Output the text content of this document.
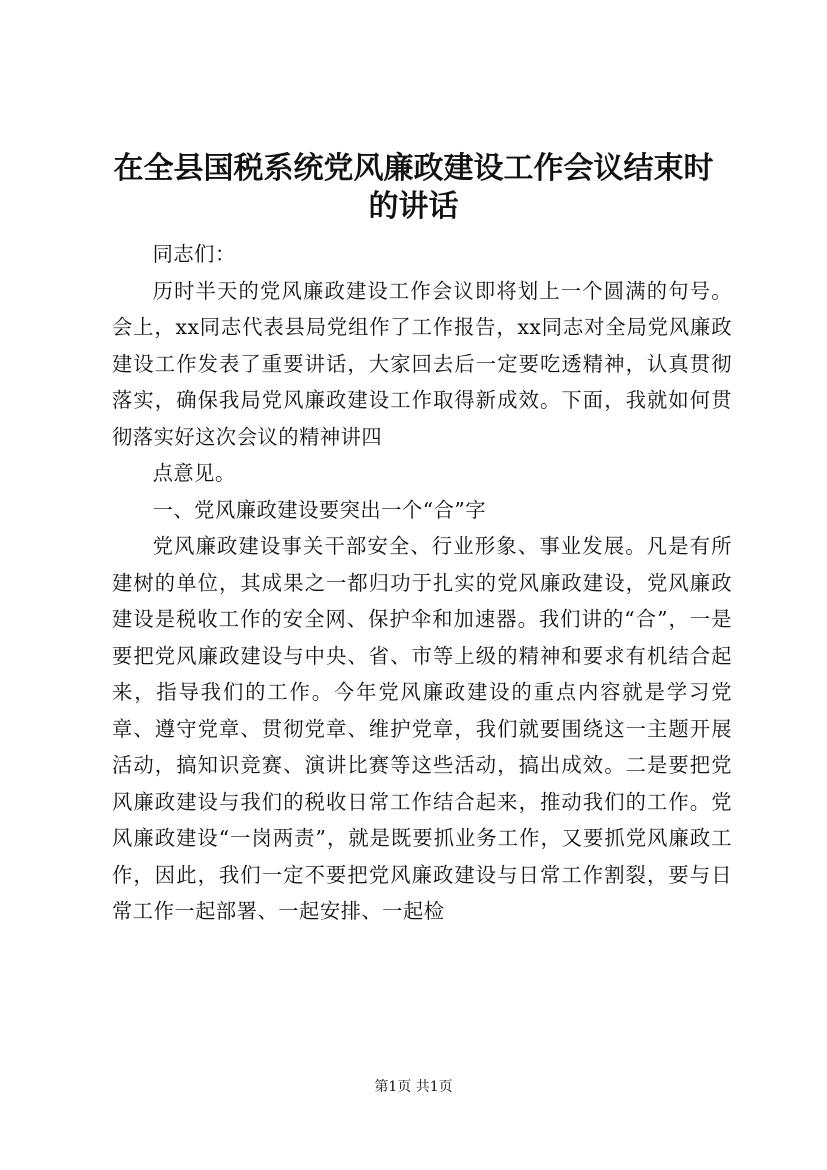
在全县国税系统党风廉政建设工作会议结束时
的讲话

同志们：

历时半天的党风廉政建设工作会议即将划上一个圆满的句号。会上，xx同志代表县局党组作了工作报告，xx同志对全局党风廉政建设工作发表了重要讲话，大家回去后一定要吃透精神，认真贯彻落实，确保我局党风廉政建设工作取得新成效。下面，我就如何贯彻落实好这次会议的精神讲四

点意见。

一、党风廉政建设要突出一个“合”字

党风廉政建设事关干部安全、行业形象、事业发展。凡是有所建树的单位，其成果之一都归功于扎实的党风廉政建设，党风廉政建设是税收工作的安全网、保护伞和加速器。我们讲的“合”，一是要把党风廉政建设与中央、省、市等上级的精神和要求有机结合起来，指导我们的工作。今年党风廉政建设的重点内容就是学习党章、遵守党章、贯彻党章、维护党章，我们就要围绕这一主题开展活动，搞知识竞赛、演讲比赛等这些活动，搞出成效。二是要把党风廉政建设与我们的税收日常工作结合起来，推动我们的工作。党风廉政建设“一岗两责”，就是既要抓业务工作，又要抓党风廉政工作，因此，我们一定不要把党风廉政建设与日常工作割裂，要与日常工作一起部署、一起安排、一起检

第1页 共1页
